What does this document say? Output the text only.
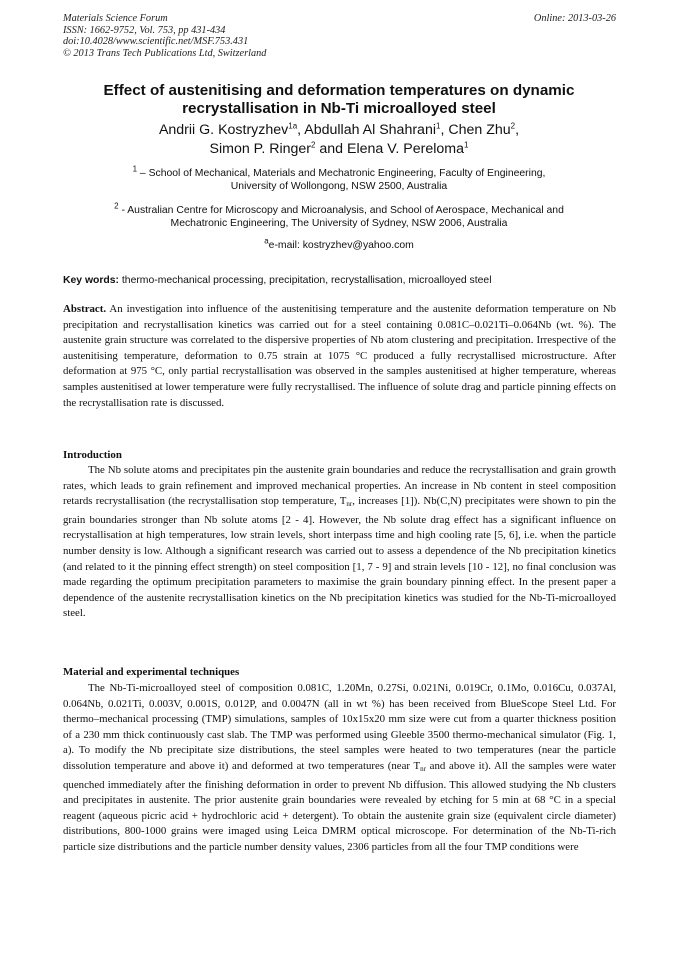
Materials Science Forum
ISSN: 1662-9752, Vol. 753, pp 431-434
doi:10.4028/www.scientific.net/MSF.753.431
© 2013 Trans Tech Publications Ltd, Switzerland
Online: 2013-03-26
Effect of austenitising and deformation temperatures on dynamic
recrystallisation in Nb-Ti microalloyed steel
Andrii G. Kostryzhev$^{1a}$, Abdullah Al Shahrani$^1$, Chen Zhu$^2$,
Simon P. Ringer$^2$ and Elena V. Pereloma$^1$
$^1$ – School of Mechanical, Materials and Mechatronic Engineering, Faculty of Engineering,
University of Wollongong, NSW 2500, Australia
$^2$ - Australian Centre for Microscopy and Microanalysis, and School of Aerospace, Mechanical and
Mechatronic Engineering, The University of Sydney, NSW 2006, Australia
$^a$e-mail: kostryzhev@yahoo.com
Key words: thermo-mechanical processing, precipitation, recrystallisation, microalloyed steel
Abstract. An investigation into influence of the austenitising temperature and the austenite deformation temperature on Nb precipitation and recrystallisation kinetics was carried out for a steel containing 0.081C–0.021Ti–0.064Nb (wt. %). The austenite grain structure was correlated to the dispersive properties of Nb atom clustering and precipitation. Irrespective of the austenitising temperature, deformation to 0.75 strain at 1075 °C produced a fully recrystallised microstructure. After deformation at 975 °C, only partial recrystallisation was observed in the samples austenitised at higher temperature, whereas samples austenitised at lower temperature were fully recrystallised. The influence of solute drag and particle pinning effects on the recrystallisation rate is discussed.
Introduction
The Nb solute atoms and precipitates pin the austenite grain boundaries and reduce the recrystallisation and grain growth rates, which leads to grain refinement and improved mechanical properties. An increase in Nb content in steel composition retards recrystallisation (the recrystallisation stop temperature, $T_{nr}$, increases [1]). Nb(C,N) precipitates were shown to pin the grain boundaries stronger than Nb solute atoms [2 - 4]. However, the Nb solute drag effect has a significant influence on recrystallisation at high temperatures, low strain levels, short interpass time and high cooling rate [5, 6], i.e. when the particle number density is low. Although a significant research was carried out to assess a dependence of the Nb precipitation kinetics (and related to it the pinning effect strength) on steel composition [1, 7 - 9] and strain levels [10 - 12], no final conclusion was made regarding the optimum precipitation parameters to maximise the grain boundary pinning effect. In the present paper a dependence of the austenite recrystallisation kinetics on the Nb precipitation kinetics was studied for the Nb-Ti-microalloyed steel.
Material and experimental techniques
The Nb-Ti-microalloyed steel of composition 0.081C, 1.20Mn, 0.27Si, 0.021Ni, 0.019Cr, 0.1Mo, 0.016Cu, 0.037Al, 0.064Nb, 0.021Ti, 0.003V, 0.001S, 0.012P, and 0.0047N (all in wt %) has been received from BlueScope Steel Ltd. For thermo–mechanical processing (TMP) simulations, samples of 10x15x20 mm size were cut from a quarter thickness position of a 230 mm thick continuously cast slab. The TMP was performed using Gleeble 3500 thermo-mechanical simulator (Fig. 1, a). To modify the Nb precipitate size distributions, the steel samples were heated to two temperatures (near the particle dissolution temperature and above it) and deformed at two temperatures (near $T_{nr}$ and above it). All the samples were water quenched immediately after the finishing deformation in order to prevent Nb diffusion. This allowed studying the Nb clusters and precipitates in austenite. The prior austenite grain boundaries were revealed by etching for 5 min at 68 °C in a special reagent (aqueous picric acid + hydrochloric acid + detergent). To obtain the austenite grain size (equivalent circle diameter) distributions, 800-1000 grains were imaged using Leica DMRM optical microscope. For determination of the Nb-Ti-rich particle size distributions and the particle number density values, 2306 particles from all the four TMP conditions were
